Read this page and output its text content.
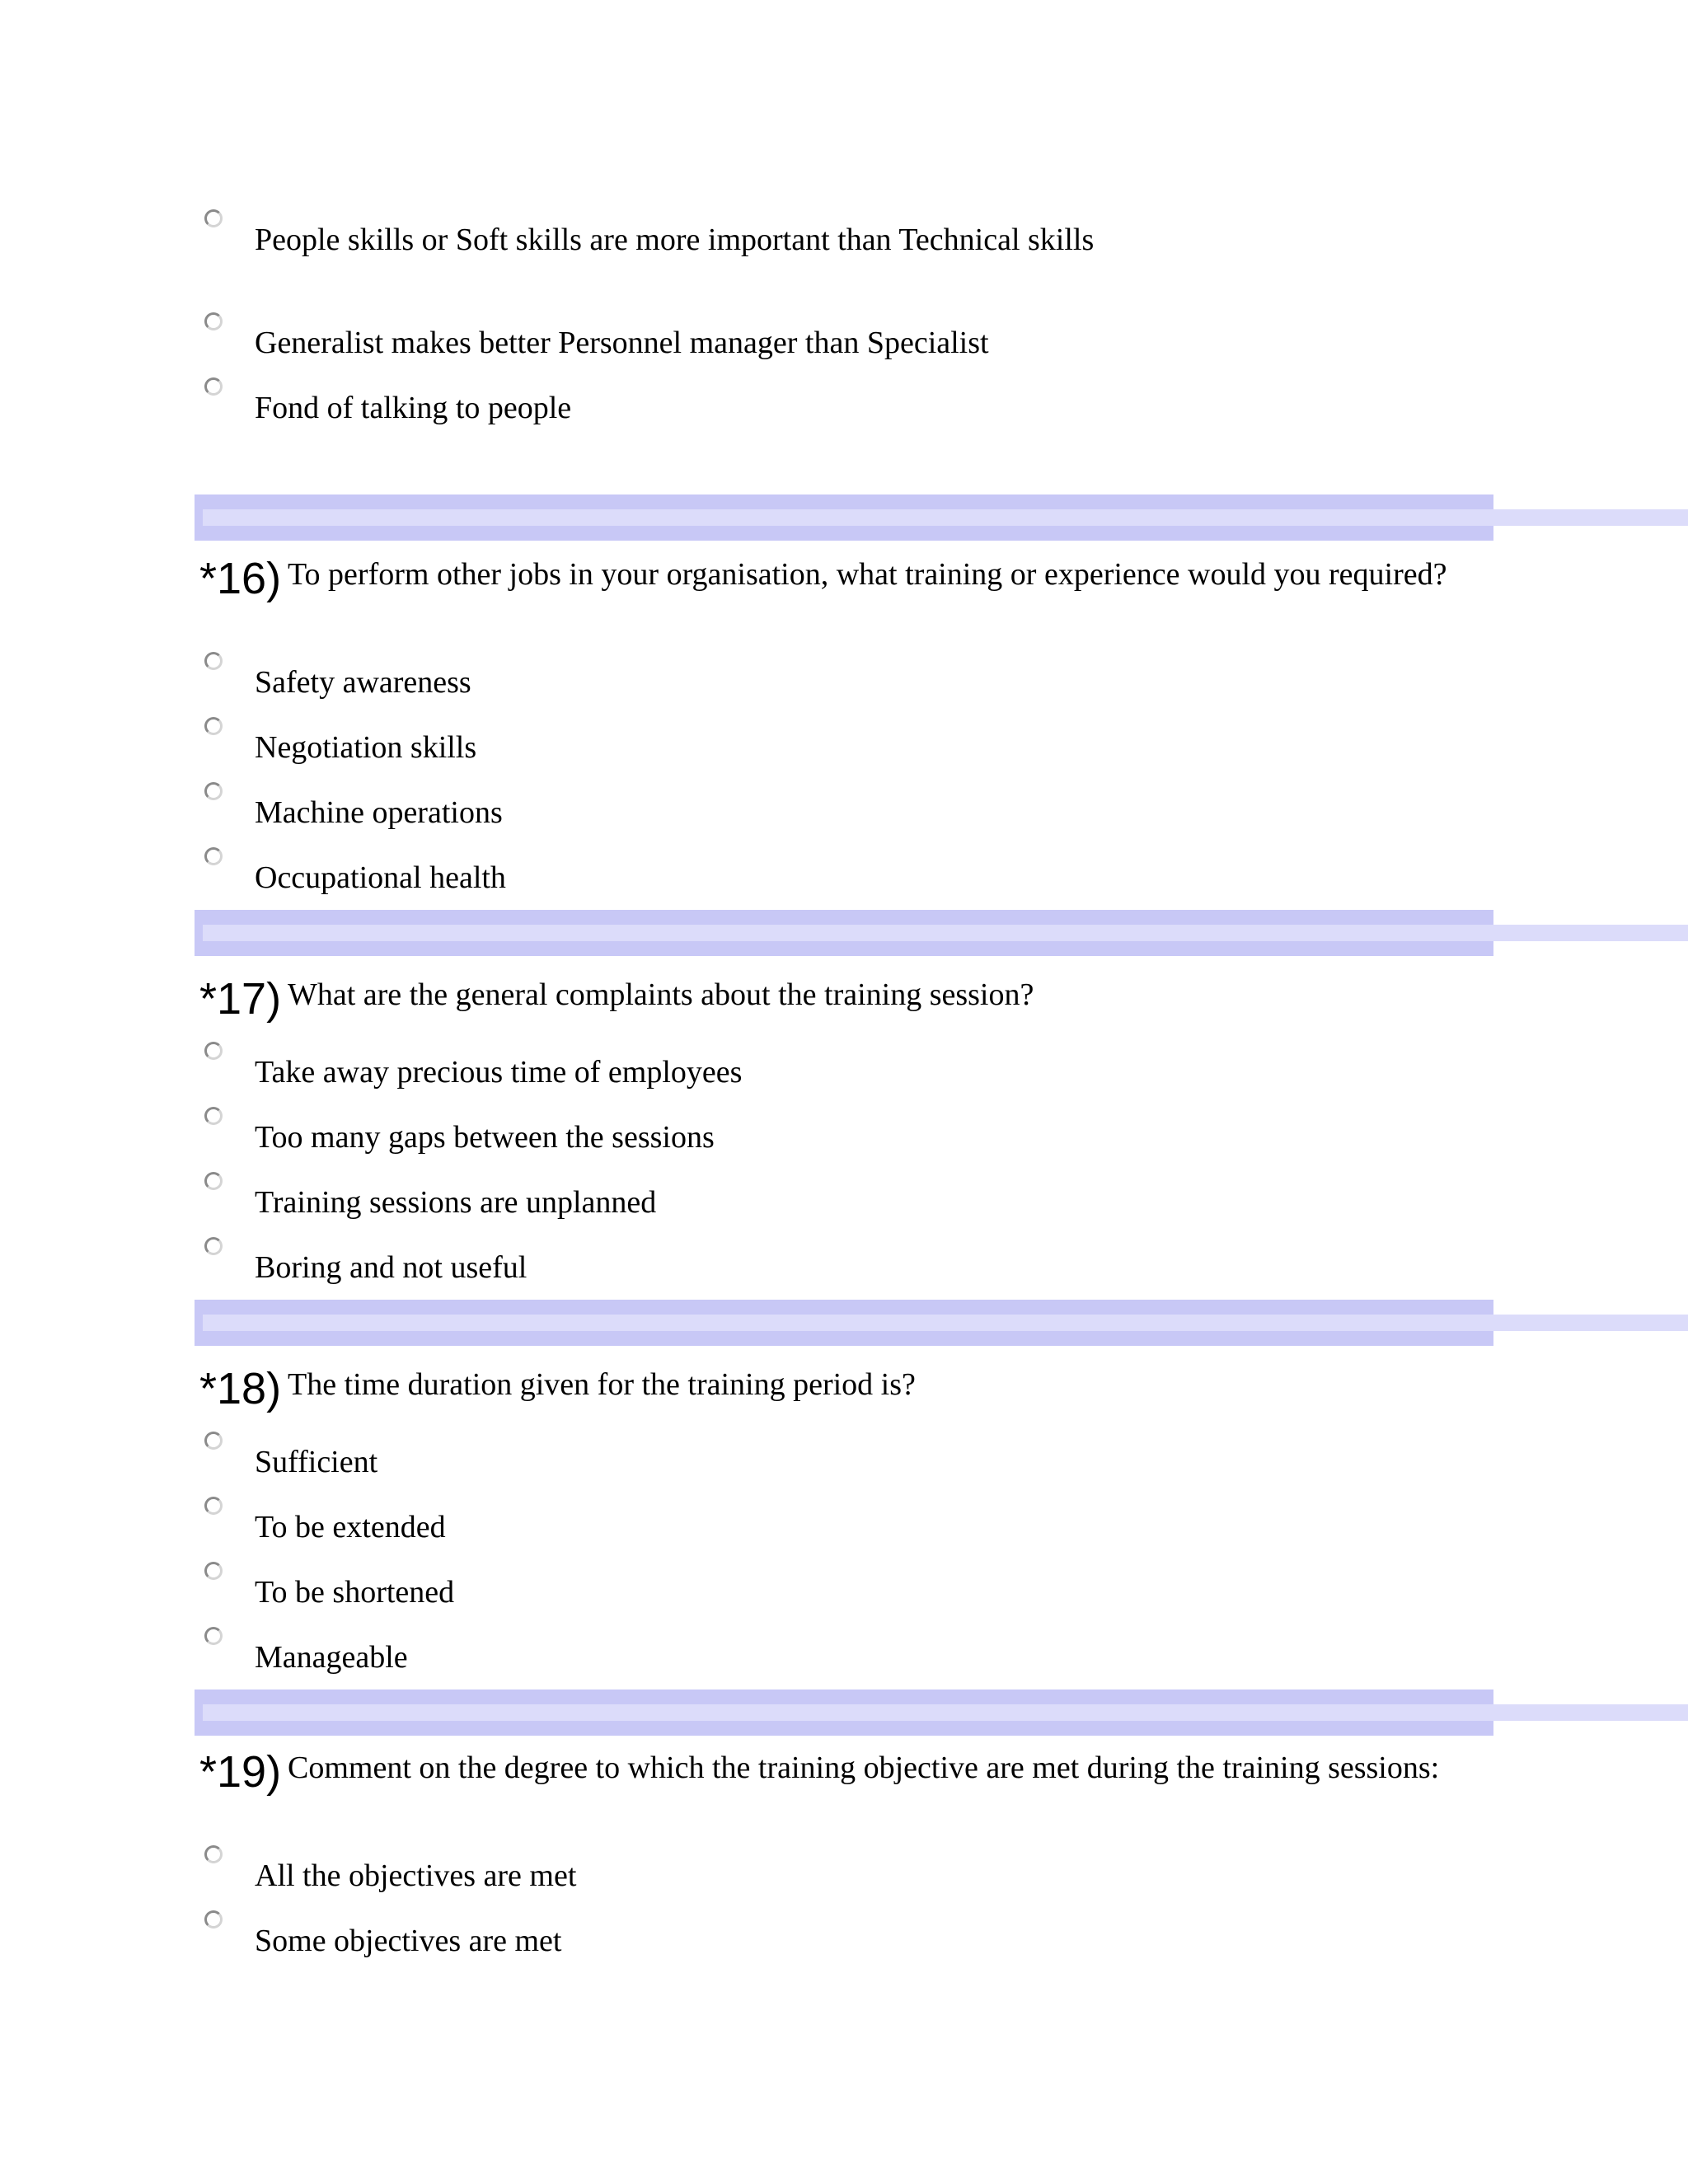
People skills or Soft skills are more important than Technical skills
Generalist makes better Personnel manager than Specialist
Fond of talking to people
*16) To perform other jobs in your organisation, what training or experience would you required?
Safety awareness
Negotiation skills
Machine operations
Occupational health
*17) What are the general complaints about the training session?
Take away precious time of employees
Too many gaps between the sessions
Training sessions are unplanned
Boring and not useful
*18) The time duration given for the training period is?
Sufficient
To be extended
To be shortened
Manageable
*19) Comment on the degree to which the training objective are met during the training sessions:
All the objectives are met
Some objectives are met
